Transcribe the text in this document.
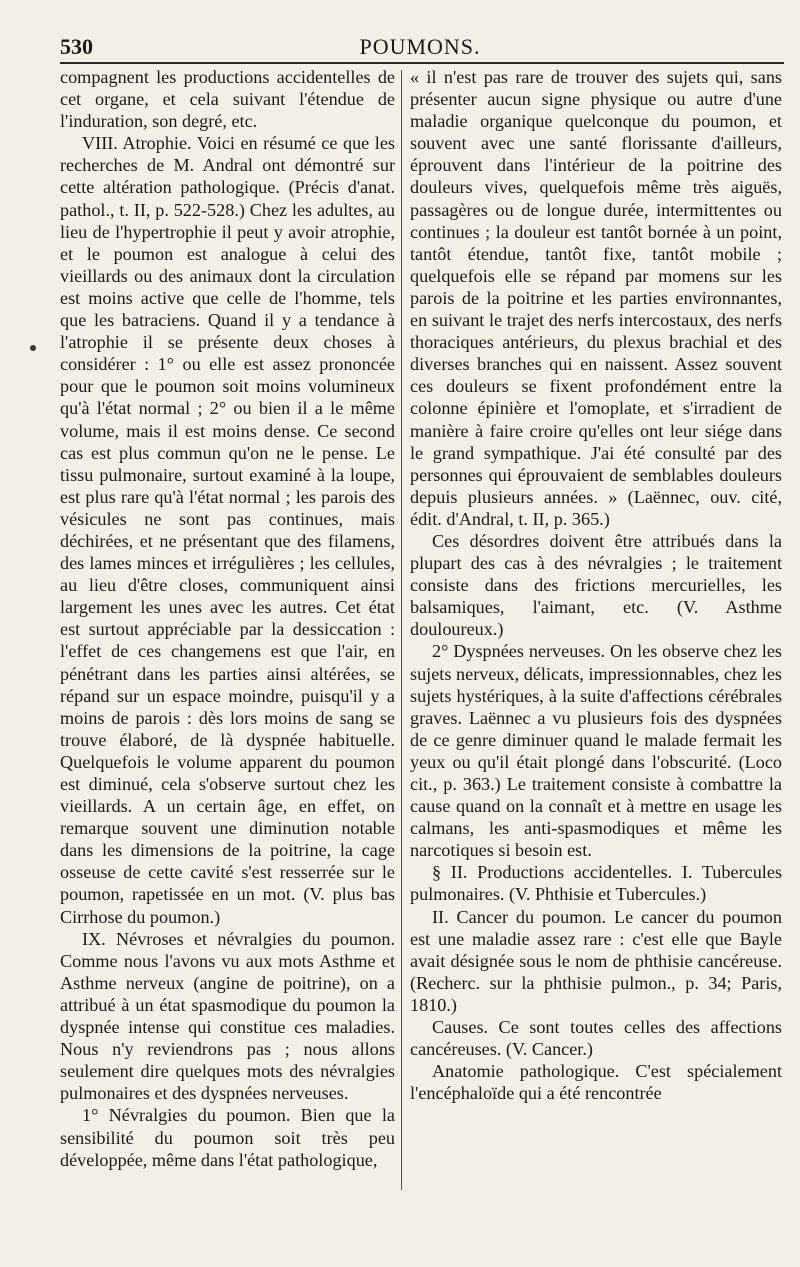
530	POUMONS.

compagnent les productions accidentelles de cet organe, et cela suivant l'étendue de l'induration, son degré, etc.

VIII. Atrophie. Voici en résumé ce que les recherches de M. Andral ont démontré sur cette altération pathologique. (Précis d'anat. pathol., t. II, p. 522-528.) Chez les adultes, au lieu de l'hypertrophie il peut y avoir atrophie, et le poumon est analogue à celui des vieillards ou des animaux dont la circulation est moins active que celle de l'homme, tels que les batraciens. Quand il y a tendance à l'atrophie il se présente deux choses à considérer : 1° ou elle est assez prononcée pour que le poumon soit moins volumineux qu'à l'état normal ; 2° ou bien il a le même volume, mais il est moins dense. Ce second cas est plus commun qu'on ne le pense. Le tissu pulmonaire, surtout examiné à la loupe, est plus rare qu'à l'état normal ; les parois des vésicules ne sont pas continues, mais déchirées, et ne présentant que des filamens, des lames minces et irrégulières ; les cellules, au lieu d'être closes, communiquent ainsi largement les unes avec les autres. Cet état est surtout appréciable par la dessiccation : l'effet de ces changemens est que l'air, en pénétrant dans les parties ainsi altérées, se répand sur un espace moindre, puisqu'il y a moins de parois : dès lors moins de sang se trouve élaboré, de là dyspnée habituelle. Quelquefois le volume apparent du poumon est diminué, cela s'observe surtout chez les vieillards. A un certain âge, en effet, on remarque souvent une diminution notable dans les dimensions de la poitrine, la cage osseuse de cette cavité s'est resserrée sur le poumon, rapetissée en un mot. (V. plus bas Cirrhose du poumon.)

IX. Névroses et névralgies du poumon. Comme nous l'avons vu aux mots Asthme et Asthme nerveux (angine de poitrine), on a attribué à un état spasmodique du poumon la dyspnée intense qui constitue ces maladies. Nous n'y reviendrons pas ; nous allons seulement dire quelques mots des névralgies pulmonaires et des dyspnées nerveuses.

1° Névralgies du poumon. Bien que la sensibilité du poumon soit très peu développée, même dans l'état pathologique,

« il n'est pas rare de trouver des sujets qui, sans présenter aucun signe physique ou autre d'une maladie organique quelconque du poumon, et souvent avec une santé florissante d'ailleurs, éprouvent dans l'intérieur de la poitrine des douleurs vives, quelquefois même très aiguës, passagères ou de longue durée, intermittentes ou continues ; la douleur est tantôt bornée à un point, tantôt étendue, tantôt fixe, tantôt mobile ; quelquefois elle se répand par momens sur les parois de la poitrine et les parties environnantes, en suivant le trajet des nerfs intercostaux, des nerfs thoraciques antérieurs, du plexus brachial et des diverses branches qui en naissent. Assez souvent ces douleurs se fixent profondément entre la colonne épinière et l'omoplate, et s'irradient de manière à faire croire qu'elles ont leur siége dans le grand sympathique. J'ai été consulté par des personnes qui éprouvaient de semblables douleurs depuis plusieurs années. » (Laënnec, ouv. cité, édit. d'Andral, t. II, p. 365.)

Ces désordres doivent être attribués dans la plupart des cas à des névralgies ; le traitement consiste dans des frictions mercurielles, les balsamiques, l'aimant, etc. (V. Asthme douloureux.)

2° Dyspnées nerveuses. On les observe chez les sujets nerveux, délicats, impressionnables, chez les sujets hystériques, à la suite d'affections cérébrales graves. Laënnec a vu plusieurs fois des dyspnées de ce genre diminuer quand le malade fermait les yeux ou qu'il était plongé dans l'obscurité. (Loco cit., p. 363.) Le traitement consiste à combattre la cause quand on la connaît et à mettre en usage les calmans, les anti-spasmodiques et même les narcotiques si besoin est.

§ II. Productions accidentelles. I. Tubercules pulmonaires. (V. Phthisie et Tubercules.)

II. Cancer du poumon. Le cancer du poumon est une maladie assez rare : c'est elle que Bayle avait désignée sous le nom de phthisie cancéreuse. (Recherc. sur la phthisie pulmon., p. 34; Paris, 1810.)

Causes. Ce sont toutes celles des affections cancéreuses. (V. Cancer.)

Anatomie pathologique. C'est spécialement l'encéphaloïde qui a été rencontrée
